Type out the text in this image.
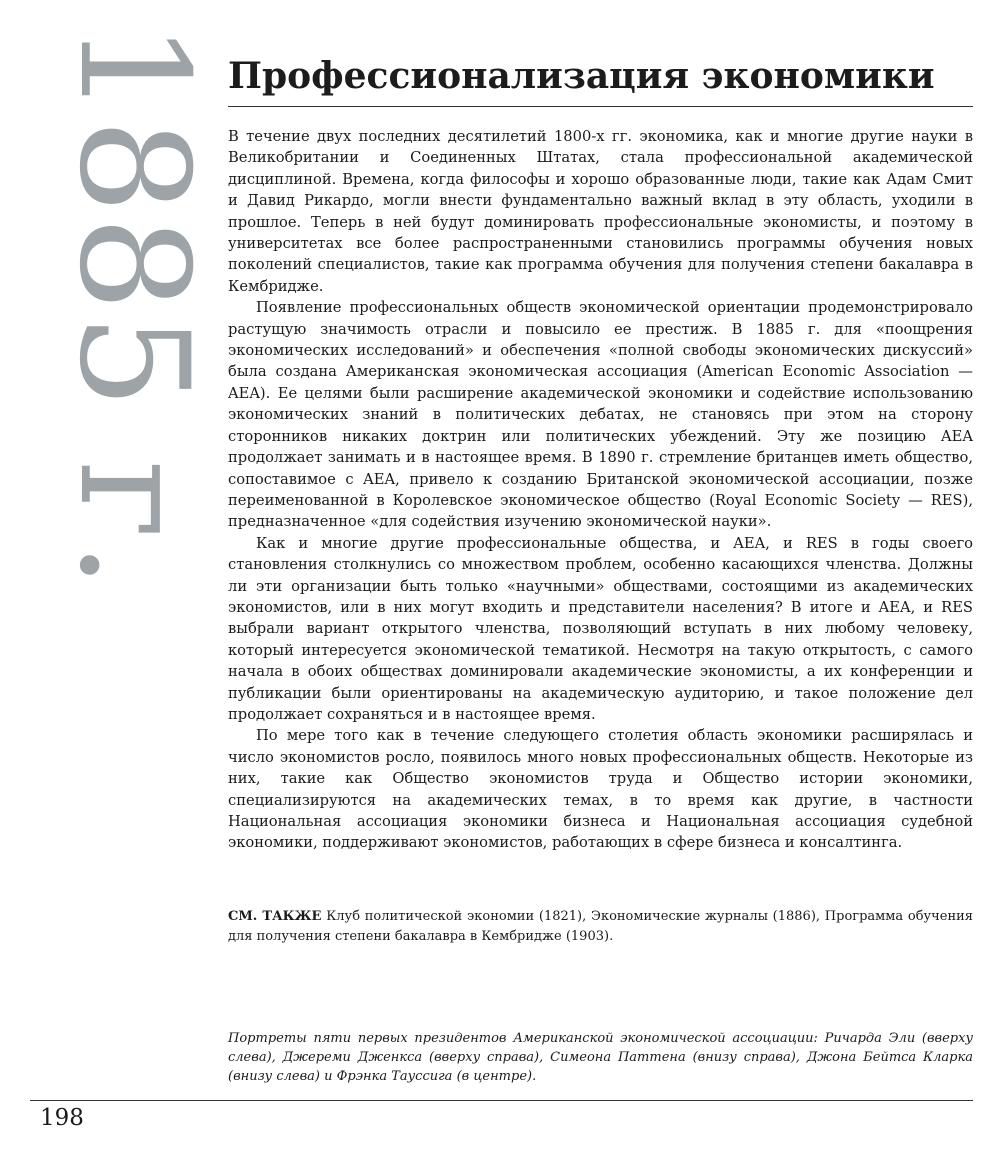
1885 г. Профессионализация экономики

В течение двух последних десятилетий 1800-х гг. экономика, как и многие другие науки в Великобритании и Соединенных Штатах, стала профессиональной академической дисциплиной. Времена, когда философы и хорошо образованные люди, такие как Адам Смит и Давид Рикардо, могли внести фундаментально важный вклад в эту область, уходили в прошлое. Теперь в ней будут доминировать профессиональные экономисты, и поэтому в университетах все более распространенными становились программы обучения новых поколений специалистов, такие как программа обучения для получения степени бакалавра в Кембридже.

Появление профессиональных обществ экономической ориентации продемонстрировало растущую значимость отрасли и повысило ее престиж. В 1885 г. для «поощрения экономических исследований» и обеспечения «полной свободы экономических дискуссий» была создана Американская экономическая ассоциация (American Economic Association — AEA). Ее целями были расширение академической экономики и содействие использованию экономических знаний в политических дебатах, не становясь при этом на сторону сторонников никаких доктрин или политических убеждений. Эту же позицию AEA продолжает занимать и в настоящее время. В 1890 г. стремление британцев иметь общество, сопоставимое с AEA, привело к созданию Британской экономической ассоциации, позже переименованной в Королевское экономическое общество (Royal Economic Society — RES), предназначенное «для содействия изучению экономической науки».

Как и многие другие профессиональные общества, и AEA, и RES в годы своего становления столкнулись со множеством проблем, особенно касающихся членства. Должны ли эти организации быть только «научными» обществами, состоящими из академических экономистов, или в них могут входить и представители населения? В итоге и AEA, и RES выбрали вариант открытого членства, позволяющий вступать в них любому человеку, который интересуется экономической тематикой. Несмотря на такую открытость, с самого начала в обоих обществах доминировали академические экономисты, а их конференции и публикации были ориентированы на академическую аудиторию, и такое положение дел продолжает сохраняться и в настоящее время.

По мере того как в течение следующего столетия область экономики расширялась и число экономистов росло, появилось много новых профессиональных обществ. Некоторые из них, такие как Общество экономистов труда и Общество истории экономики, специализируются на академических темах, в то время как другие, в частности Национальная ассоциация экономики бизнеса и Национальная ассоциация судебной экономики, поддерживают экономистов, работающих в сфере бизнеса и консалтинга.

СМ. ТАКЖЕ Клуб политической экономии (1821), Экономические журналы (1886), Программа обучения для получения степени бакалавра в Кембридже (1903).
Портреты пяти первых президентов Американской экономической ассоциации: Ричарда Эли (вверху слева), Джереми Дженкса (вверху справа), Симеона Паттена (внизу справа), Джона Бейтса Кларка (внизу слева) и Фрэнка Таусcига (в центре).
198
